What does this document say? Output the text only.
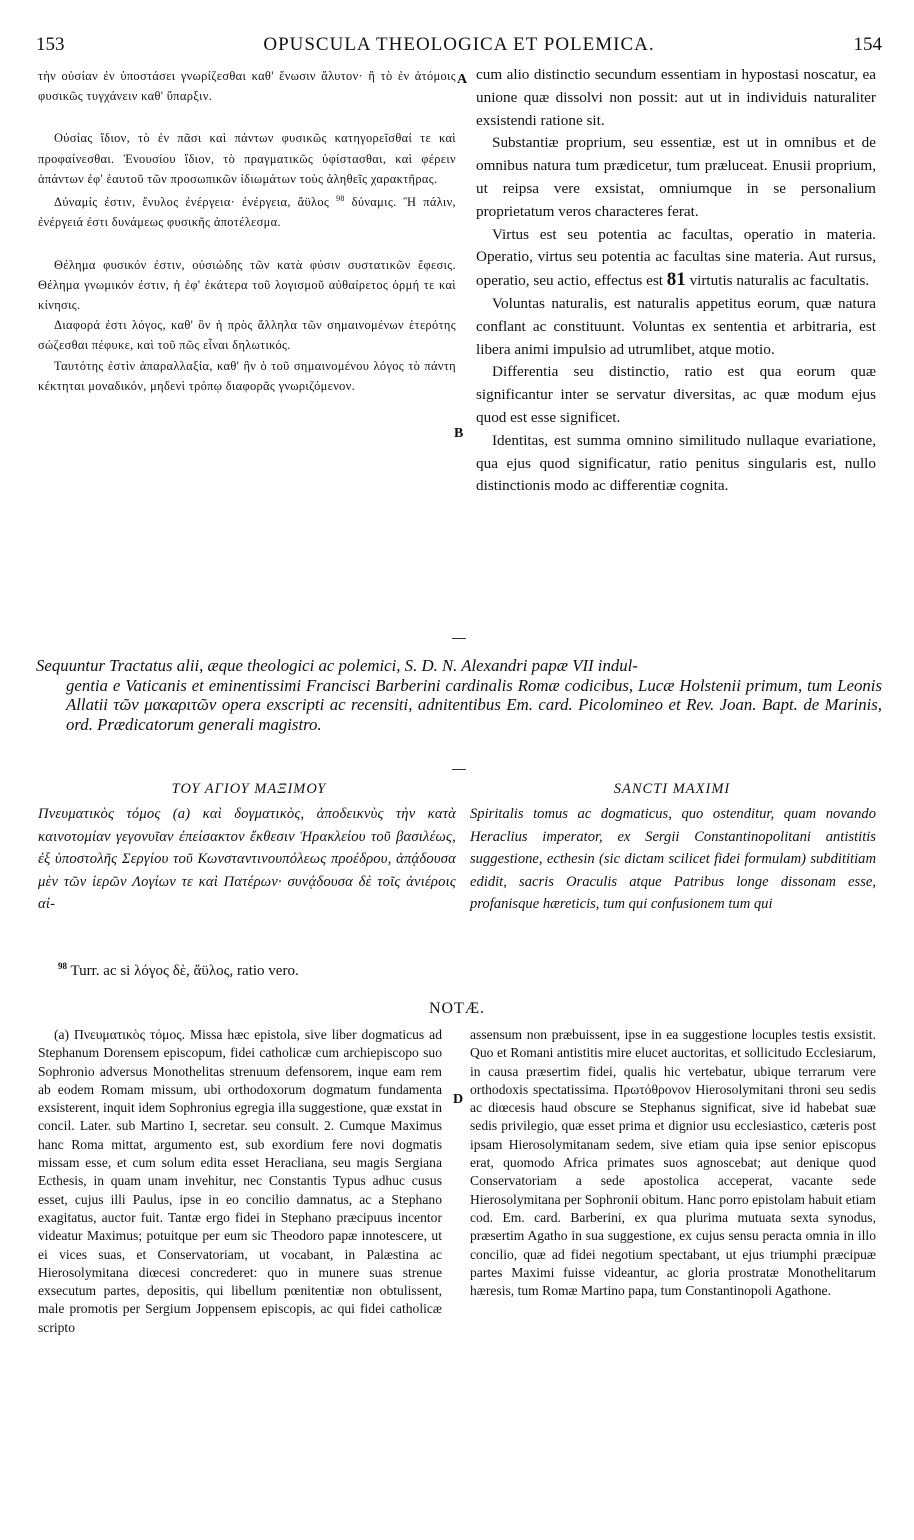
153	OPUSCULA THEOLOGICA ET POLEMICA.	154

τὴν οὐσίαν ἐν ὑποστάσει γνωρίζεσθαι καθ' ἕνωσιν ἄλυτον· ἢ τὸ ἐν ἀτόμοις φυσικῶς τυγχάνειν καθ' ὕπαρξιν.

Οὐσίας ἴδιον, τὸ ἐν πᾶσι καὶ πάντων φυσικῶς κατηγορεῖσθαί τε καὶ προφαίνεσθαι. Ἐνουσίου ἴδιον, τὸ πραγματικῶς ὑφίστασθαι, καὶ φέρειν ἁπάντων ἐφ' ἑαυτοῦ τῶν προσωπικῶν ἰδιωμάτων τοὺς ἀληθεῖς χαρακτῆρας.

Δύναμίς ἐστιν, ἔνυλος ἐνέργεια· ἐνέργεια, ἄϋλος $^{98}$ δύναμις. Ἢ πάλιν, ἐνέργειά ἐστι δυνάμεως φυσικῆς ἀποτέλεσμα.

Θέλημα φυσικόν ἐστιν, οὐσιώδης τῶν κατὰ φύσιν συστατικῶν ἔφεσις. Θέλημα γνωμικόν ἐστιν, ἡ ἐφ' ἑκάτερα τοῦ λογισμοῦ αὐθαίρετος ὁρμή τε καὶ κίνησις.

Διαφορά ἐστι λόγος, καθ' ὃν ἡ πρὸς ἄλληλα τῶν σημαινομένων ἑτερότης σώζεσθαι πέφυκε, καὶ τοῦ πῶς εἶναι δηλωτικός.

Ταυτότης ἐστὶν ἀπαραλλαξία, καθ' ἣν ὁ τοῦ σημαινομένου λόγος τὸ πάντη κέκτηται μοναδικόν, μηδενὶ τρόπῳ διαφορᾶς γνωριζόμενον.

A
B

cum alio distinctio secundum essentiam in hypostasi noscatur, ea unione quæ dissolvi non possit: aut ut in individuis naturaliter exsistendi ratione sit.

Substantiæ proprium, seu essentiæ, est ut in omnibus et de omnibus natura tum prædicetur, tum præluceat. Enusii proprium, ut reipsa vere exsistat, omniumque in se personalium proprietatum veros characteres ferat.

Virtus est seu potentia ac facultas, operatio in materia. Operatio, virtus seu potentia ac facultas sine materia. Aut rursus, operatio, seu actio, effectus est 81 virtutis naturalis ac facultatis.

Voluntas naturalis, est naturalis appetitus eorum, quæ natura conflant ac constituunt. Voluntas ex sententia et arbitraria, est libera animi impulsio ad utrumlibet, atque motio.

Differentia seu distinctio, ratio est qua eorum quæ significantur inter se servatur diversitas, ac quæ modum ejus quod est esse significet.

Identitas, est summa omnino similitudo nullaque evariatione, qua ejus quod significatur, ratio penitus singularis est, nullo distinctionis modo ac differentiæ cognita.

Sequuntur Tractatus alii, æque theologici ac polemici, S. D. N. Alexandri papæ VII indul-
gentia e Vaticanis et eminentissimi Francisci Barberini cardinalis Romæ codicibus, Lucæ Holstenii primum, tum Leonis Allatii τῶν μακαριτῶν opera exscripti ac recensiti, adnitentibus Em. card. Picolomineo et Rev. Joan. Bapt. de Marinis, ord. Prædicatorum generali magistro.
ΤΟΥ ΑΓΙΟΥ ΜΑΞΙΜΟΥ	SANCTI MAXIMI

Πνευματικὸς τόμος (a) καὶ δογματικὸς, ἀποδεικνὺς τὴν κατὰ καινοτομίαν γεγονυῖαν ἐπείσακτον ἔκθεσιν Ἡρακλείου τοῦ βασιλέως, ἐξ ὑποστολῆς Σεργίου τοῦ Κωνσταντινουπόλεως προέδρου, ἀπᾴδουσα μὲν τῶν ἱερῶν Λογίων τε καὶ Πατέρων· συνᾴδουσα δὲ τοῖς ἀνιέροις αἱ-

Spiritalis tomus ac dogmaticus, quo ostenditur, quam novando Heraclius imperator, ex Sergii Constantinopolitani antistitis suggestione, ecthesin (sic dictam scilicet fidei formulam) subdititiam edidit, sacris Oraculis atque Patribus longe dissonam esse, profanisque hæreticis, tum qui confusionem tum qui

$^{98}$ Turr. ac si λόγος δὲ, ἄϋλος, ratio vero.
NOTÆ.
D

(a) Πνευματικὸς τόμος. Missa hæc epistola, sive liber dogmaticus ad Stephanum Dorensem episcopum, fidei catholicæ cum archiepiscopo suo Sophronio adversus Monothelitas strenuum defensorem, inque eam rem ab eodem Romam missum, ubi orthodoxorum dogmatum fundamenta exsisterent, inquit idem Sophronius egregia illa suggestione, quæ exstat in concil. Later. sub Martino I, secretar. seu consult. 2. Cumque Maximus hanc Roma mittat, argumento est, sub exordium fere novi dogmatis missam esse, et cum solum edita esset Heracliana, seu magis Sergiana Ecthesis, in quam unam invehitur, nec Constantis Typus adhuc cusus esset, cujus illi Paulus, ipse in eo concilio damnatus, ac a Stephano exagitatus, auctor fuit. Tantæ ergo fidei in Stephano præcipuus incentor videatur Maximus; potuitque per eum sic Theodoro papæ innotescere, ut ei vices suas, et Conservatoriam, ut vocabant, in Palæstina ac Hierosolymitana diœcesi concrederet: quo in munere suas strenue exsecutum partes, depositis, qui libellum pœnitentiæ non obtulissent, male promotis per Sergium Joppensem episcopis, ac qui fidei catholicæ scripto

assensum non præbuissent, ipse in ea suggestione locuples testis exsistit. Quo et Romani antistitis mire elucet auctoritas, et sollicitudo Ecclesiarum, in causa præsertim fidei, qualis hic vertebatur, ubique terrarum vere orthodoxis spectatissima. Πρωτόθρονον Hierosolymitani throni seu sedis ac diœcesis haud obscure se Stephanus significat, sive id habebat suæ sedis privilegio, quæ esset prima et dignior usu ecclesiastico, cæteris post ipsam Hierosolymitanam sedem, sive etiam quia ipse senior episcopus erat, quomodo Africa primates suos agnoscebat; aut denique quod Conservatoriam a sede apostolica acceperat, vacante sede Hierosolymitana per Sophronii obitum. Hanc porro epistolam habuit etiam cod. Em. card. Barberini, ex qua plurima mutuata sexta synodus, præsertim Agatho in sua suggestione, ex cujus sensu peracta omnia in illo concilio, quæ ad fidei negotium spectabant, ut ejus triumphi præcipuæ partes Maximi fuisse videantur, ac gloria prostratæ Monothelitarum hæresis, tum Romæ Martino papa, tum Constantinopoli Agathone.
